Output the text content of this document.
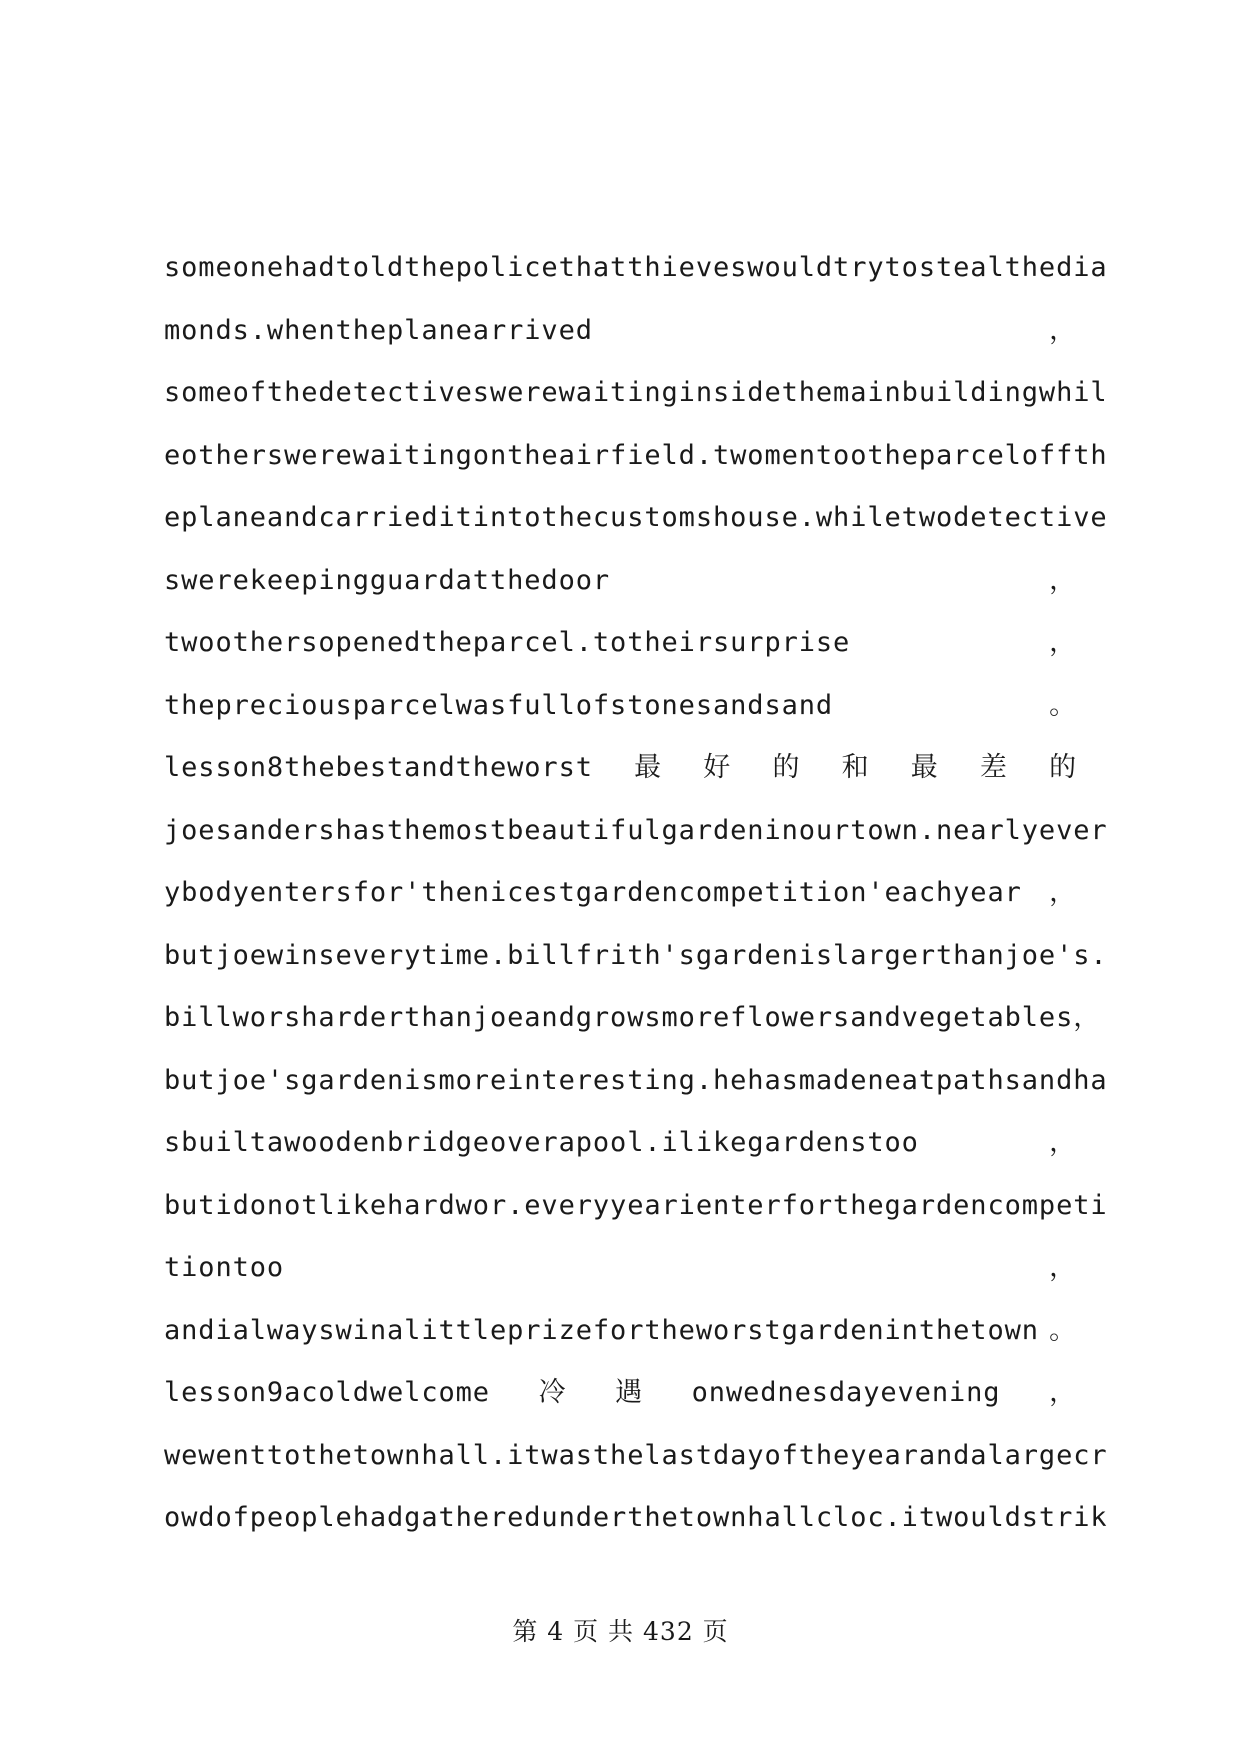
someonehadtoldthepolicethatthieveswouldtrytostealthedia
monds.whentheplanearrived	，
someofthedetectiveswerewaitinginsidethemainbuildingwhil
eotherswerewaitingontheairfield.twomentootheparceloffth
eplaneandcarrieditintothecustomshouse.whiletwodetective
swerekeepingguardatthedoor	，
twoothersopenedtheparcel.totheirsurprise	，
thepreciousparcelwasfullofstonesandsand	。
lesson8thebestandtheworst 最 好 的 和 最 差 的
joesandershasthemostbeautifulgardeninourtown.nearlyever
ybodyentersfor'thenicestgardencompetition'eachyear ，
butjoewinseverytime.billfrith'sgardenislargerthanjoe's.
billworsharderthanjoeandgrowsmoreflowersandvegetables ，
butjoe'sgardenismoreinteresting.hehasmadeneatpathsandha
sbuiltawoodenbridgeoverapool.ilikegardenstoo	，
butidonotlikehardwor.everyyearienterforthegardencompeti
tiontoo	，
andialwayswinalittleprizefortheworstgardeninthetown 。
lesson9acoldwelcome 冷 遇 onwednesdayevening ，
wewenttothetownhall.itwasthelastdayoftheyearandalargecr
owdofpeoplehadgatheredunderthetownhallcloc.itwouldstrik
第 4 页 共 432 页
